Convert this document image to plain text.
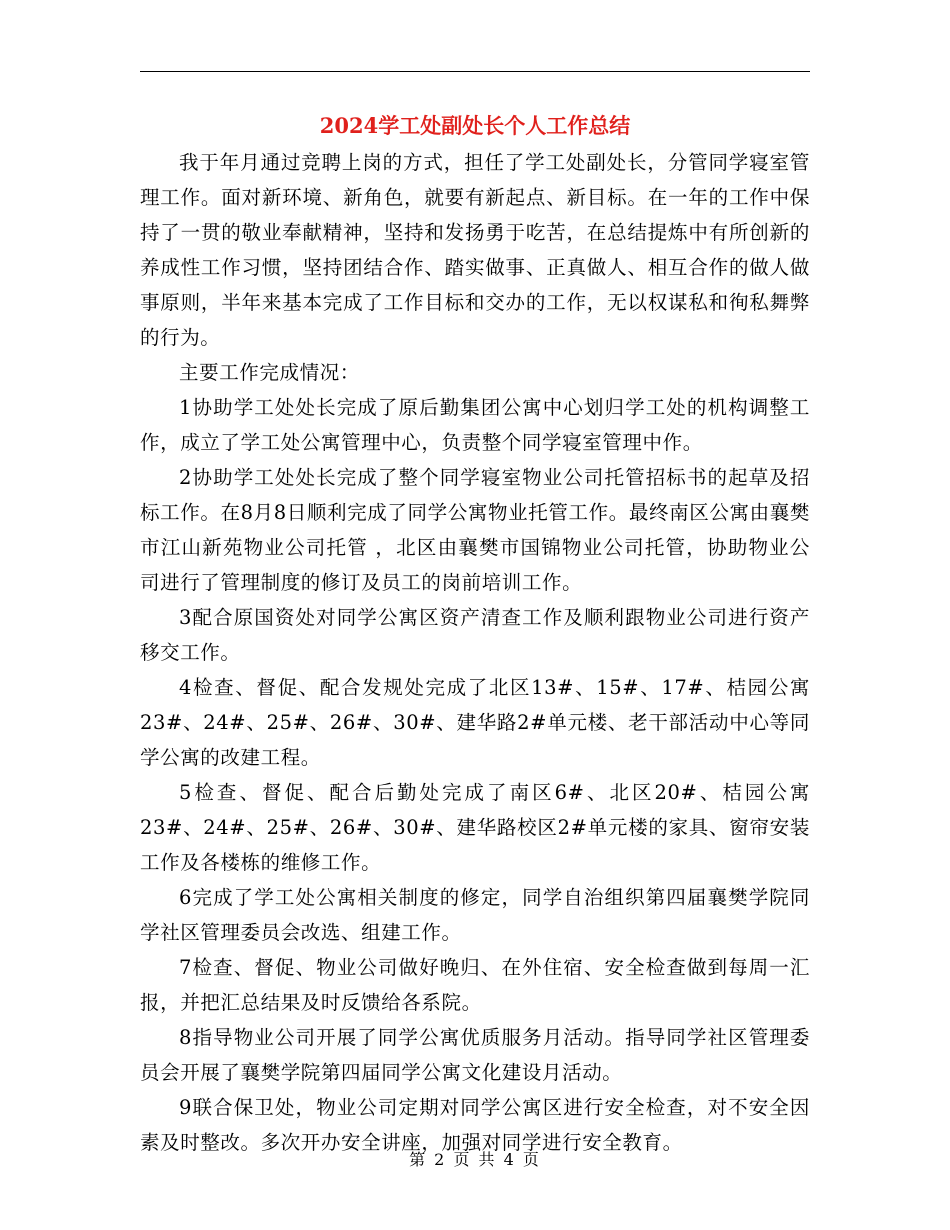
2024学工处副处长个人工作总结

我于年月通过竞聘上岗的方式，担任了学工处副处长，分管同学寝室管理工作。面对新环境、新角色，就要有新起点、新目标。在一年的工作中保持了一贯的敬业奉献精神，坚持和发扬勇于吃苦，在总结提炼中有所创新的养成性工作习惯，坚持团结合作、踏实做事、正真做人、相互合作的做人做事原则，半年来基本完成了工作目标和交办的工作，无以权谋私和徇私舞弊的行为。

主要工作完成情况：

1协助学工处处长完成了原后勤集团公寓中心划归学工处的机构调整工作，成立了学工处公寓管理中心，负责整个同学寝室管理中作。

2协助学工处处长完成了整个同学寝室物业公司托管招标书的起草及招标工作。在8月8日顺利完成了同学公寓物业托管工作。最终南区公寓由襄樊市江山新苑物业公司托管 ，北区由襄樊市国锦物业公司托管，协助物业公司进行了管理制度的修订及员工的岗前培训工作。

3配合原国资处对同学公寓区资产清查工作及顺利跟物业公司进行资产移交工作。

4检查、督促、配合发规处完成了北区13#、15#、17#、桔园公寓23#、24#、25#、26#、30#、建华路2#单元楼、老干部活动中心等同学公寓的改建工程。

5检查、督促、配合后勤处完成了南区6#、北区20#、桔园公寓23#、24#、25#、26#、30#、建华路校区2#单元楼的家具、窗帘安装工作及各楼栋的维修工作。

6完成了学工处公寓相关制度的修定，同学自治组织第四届襄樊学院同学社区管理委员会改选、组建工作。

7检查、督促、物业公司做好晚归、在外住宿、安全检查做到每周一汇报，并把汇总结果及时反馈给各系院。

8指导物业公司开展了同学公寓优质服务月活动。指导同学社区管理委员会开展了襄樊学院第四届同学公寓文化建设月活动。

9联合保卫处，物业公司定期对同学公寓区进行安全检查，对不安全因素及时整改。多次开办安全讲座，加强对同学进行安全教育。

第 2 页 共 4 页
